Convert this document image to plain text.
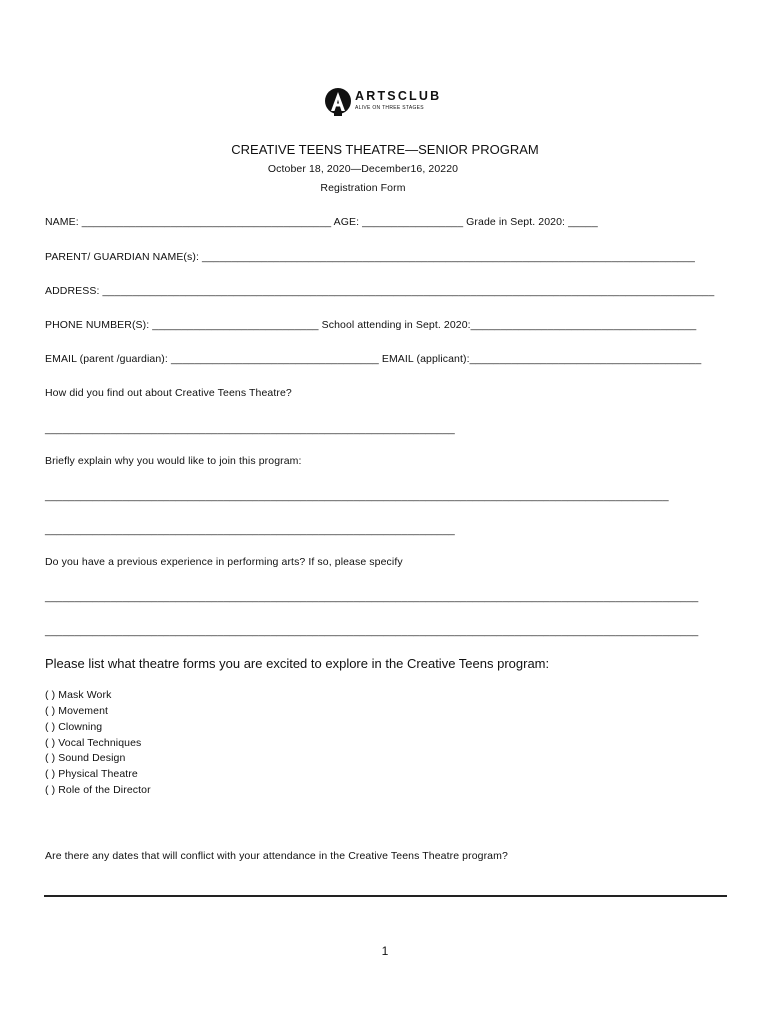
ARTSCLUB
ALIVE ON THREE STAGES
CREATIVE TEENS THEATRE—SENIOR PROGRAM
October 18, 2020—December16, 20220
Registration Form
NAME: __________________________________________ AGE: _________________ Grade in Sept. 2020: _____
PARENT/ GUARDIAN NAME(s): ___________________________________________________________________________________
ADDRESS: _______________________________________________________________________________________________________
PHONE NUMBER(S): ____________________________ School attending in Sept. 2020:______________________________________
EMAIL (parent /guardian): ___________________________________ EMAIL (applicant):_______________________________________
How did you find out about Creative Teens Theatre?
_____________________________________________________________________
Briefly explain why you would like to join this program:
_________________________________________________________________________________________________________
_____________________________________________________________________
Do you have a previous experience in performing arts? If so, please specify
______________________________________________________________________________________________________________
______________________________________________________________________________________________________________
Please list what theatre forms you are excited to explore in the Creative Teens program:
( ) Mask Work
( ) Movement
( ) Clowning
( ) Vocal Techniques
( ) Sound Design
( ) Physical Theatre
( ) Role of the Director
Are there any dates that will conflict with your attendance in the Creative Teens Theatre program?
1
